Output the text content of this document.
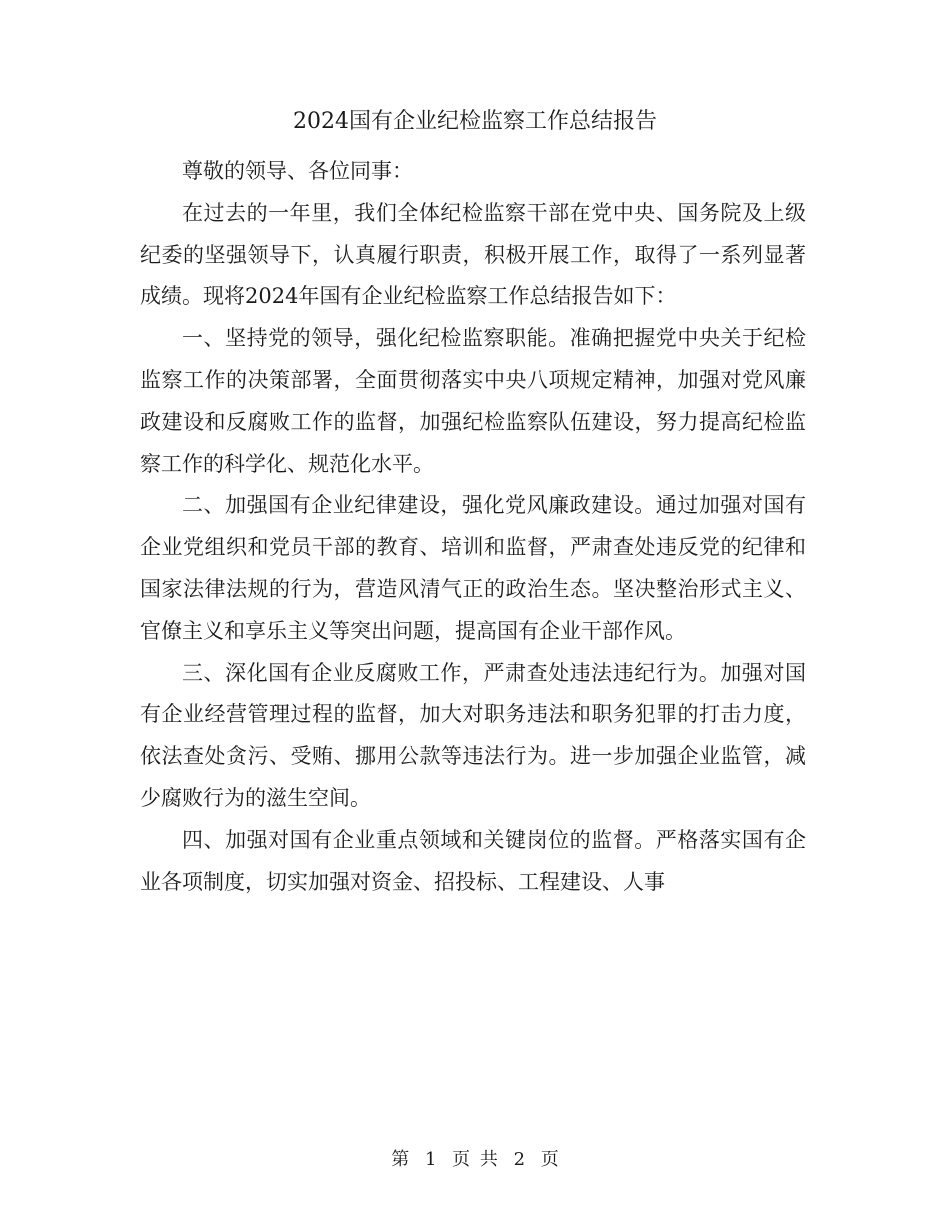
2024国有企业纪检监察工作总结报告

尊敬的领导、各位同事：

在过去的一年里，我们全体纪检监察干部在党中央、国务院及上级纪委的坚强领导下，认真履行职责，积极开展工作，取得了一系列显著成绩。现将2024年国有企业纪检监察工作总结报告如下：

一、坚持党的领导，强化纪检监察职能。准确把握党中央关于纪检监察工作的决策部署，全面贯彻落实中央八项规定精神，加强对党风廉政建设和反腐败工作的监督，加强纪检监察队伍建设，努力提高纪检监察工作的科学化、规范化水平。

二、加强国有企业纪律建设，强化党风廉政建设。通过加强对国有企业党组织和党员干部的教育、培训和监督，严肃查处违反党的纪律和国家法律法规的行为，营造风清气正的政治生态。坚决整治形式主义、官僚主义和享乐主义等突出问题，提高国有企业干部作风。

三、深化国有企业反腐败工作，严肃查处违法违纪行为。加强对国有企业经营管理过程的监督，加大对职务违法和职务犯罪的打击力度，依法查处贪污、受贿、挪用公款等违法行为。进一步加强企业监管，减少腐败行为的滋生空间。

四、加强对国有企业重点领域和关键岗位的监督。严格落实国有企业各项制度，切实加强对资金、招投标、工程建设、人事

第 1 页 共 2 页
